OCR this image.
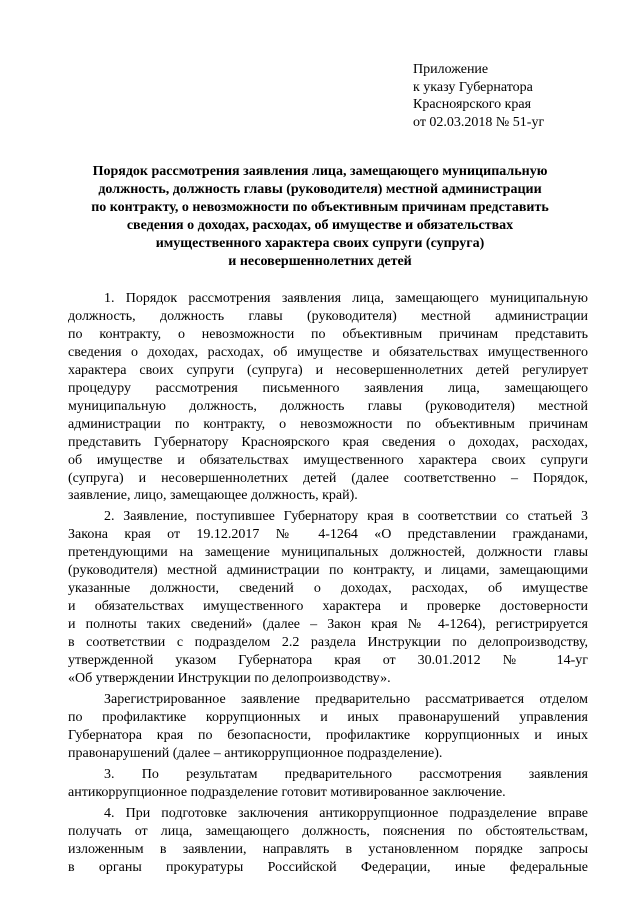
Приложение
к указу Губернатора
Красноярского края
от 02.03.2018 № 51-уг
Порядок рассмотрения заявления лица, замещающего муниципальную
должность, должность главы (руководителя) местной администрации
по контракту, о невозможности по объективным причинам представить
сведения о доходах, расходах, об имуществе и обязательствах
имущественного характера своих супруги (супруга)
и несовершеннолетних детей

1. Порядок рассмотрения заявления лица, замещающего муниципальную

должность, должность главы (руководителя) местной администрации

по контракту, о невозможности по объективным причинам представить

сведения о доходах, расходах, об имуществе и обязательствах имущественного

характера своих супруги (супруга) и несовершеннолетних детей регулирует

процедуру рассмотрения письменного заявления лица, замещающего

муниципальную должность, должность главы (руководителя) местной

администрации по контракту, о невозможности по объективным причинам

представить Губернатору Красноярского края сведения о доходах, расходах,

об имуществе и обязательствах имущественного характера своих супруги

(супруга) и несовершеннолетних детей (далее соответственно – Порядок,

заявление, лицо, замещающее должность, край).

2. Заявление, поступившее Губернатору края в соответствии со статьей 3

Закона края от 19.12.2017 № 4-1264 «О представлении гражданами,

претендующими на замещение муниципальных должностей, должности главы

(руководителя) местной администрации по контракту, и лицами, замещающими

указанные должности, сведений о доходах, расходах, об имуществе

и обязательствах имущественного характера и проверке достоверности

и полноты таких сведений» (далее – Закон края № 4-1264), регистрируется

в соответствии с подразделом 2.2 раздела Инструкции по делопроизводству,

утвержденной указом Губернатора края от 30.01.2012 № 14-уг

«Об утверждении Инструкции по делопроизводству».

Зарегистрированное заявление предварительно рассматривается отделом

по профилактике коррупционных и иных правонарушений управления

Губернатора края по безопасности, профилактике коррупционных и иных

правонарушений (далее – антикоррупционное подразделение).

3. По результатам предварительного рассмотрения заявления

антикоррупционное подразделение готовит мотивированное заключение.

4. При подготовке заключения антикоррупционное подразделение вправе

получать от лица, замещающего должность, пояснения по обстоятельствам,

изложенным в заявлении, направлять в установленном порядке запросы

в органы прокуратуры Российской Федерации, иные федеральные
